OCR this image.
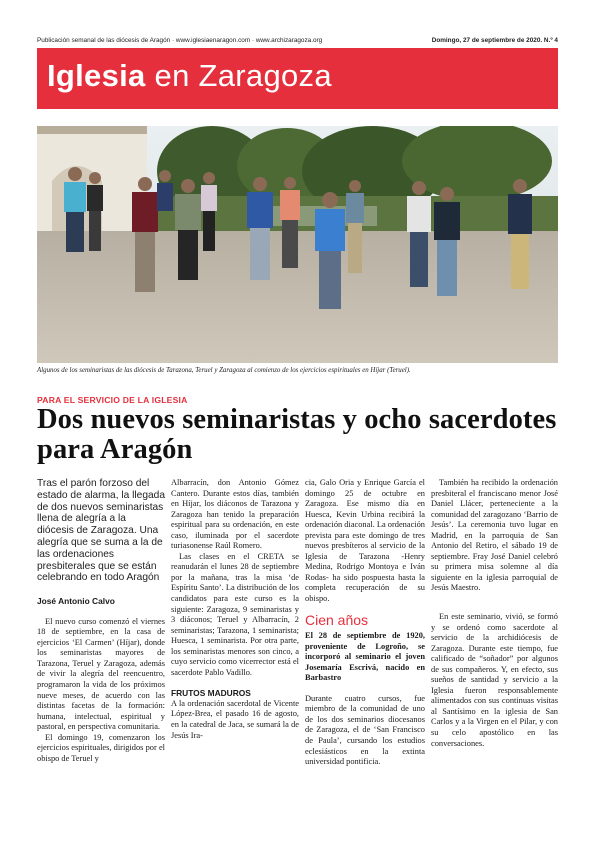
Publicación semanal de las diócesis de Aragón · www.iglesiaenaragon.com · www.archizaragoza.org	Domingo, 27 de septiembre de 2020. N.º 4
Iglesia en Zaragoza
Algunos de los seminaristas de las diócesis de Tarazona, Teruel y Zaragoza al comienzo de los ejercicios espirituales en Híjar (Teruel).
PARA EL SERVICIO DE LA IGLESIA
Dos nuevos seminaristas y ocho sacerdotes para Aragón
Tras el parón forzoso del estado de alarma, la llegada de dos nuevos seminaristas llena de alegría a la diócesis de Zaragoza. Una alegría que se suma a la de las ordenaciones presbiterales que se están celebrando en todo Aragón
José Antonio Calvo

El nuevo curso comenzó el viernes 18 de septiembre, en la casa de ejercicios ‘El Carmen’ (Híjar), donde los seminaristas mayores de Tarazona, Teruel y Zaragoza, además de vivir la alegría del reencuentro, programaron la vida de los próximos nueve meses, de acuerdo con las distintas facetas de la formación: humana, intelectual, espiritual y pastoral, en perspectiva comunitaria.

El domingo 19, comenzaron los ejercicios espirituales, dirigidos por el obispo de Teruel y

Albarracín, don Antonio Gómez Cantero. Durante estos días, también en Híjar, los diáconos de Tarazona y Zaragoza han tenido la preparación espiritual para su ordenación, en este caso, iluminada por el sacerdote turiasonense Raúl Romero.

Las clases en el CRETA se reanudarán el lunes 28 de septiembre por la mañana, tras la misa ‘de Espíritu Santo’. La distribución de los candidatos para este curso es la siguiente: Zaragoza, 9 seminaristas y 3 diáconos; Teruel y Albarracín, 2 seminaristas; Tarazona, 1 seminarista; Huesca, 1 seminarista. Por otra parte, los seminaristas menores son cinco, a cuyo servicio como vicerrector está el sacerdote Pablo Vadillo.

FRUTOS MADUROS

A la ordenación sacerdotal de Vicente López-Brea, el pasado 16 de agosto, en la catedral de Jaca, se sumará la de Jesús Ira-

cia, Galo Oria y Enrique García el domingo 25 de octubre en Zaragoza. Ese mismo día en Huesca, Kevin Urbina recibirá la ordenación diaconal. La ordenación prevista para este domingo de tres nuevos presbíteros al servicio de la Iglesia de Tarazona -Henry Medina, Rodrigo Montoya e Iván Rodas- ha sido pospuesta hasta la completa recuperación de su obispo.

Cien años

El 28 de septiembre de 1920, proveniente de Logroño, se incorporó al seminario el joven Josemaría Escrivá, nacido en Barbastro

Durante cuatro cursos, fue miembro de la comunidad de uno de los dos seminarios diocesanos de Zaragoza, el de ‘San Francisco de Paula’, cursando los estudios eclesiásticos en la extinta universidad pontificia.

También ha recibido la ordenación presbiteral el franciscano menor José Daniel Llácer, perteneciente a la comunidad del zaragozano ‘Barrio de Jesús’. La ceremonia tuvo lugar en Madrid, en la parroquia de San Antonio del Retiro, el sábado 19 de septiembre. Fray José Daniel celebró su primera misa solemne al día siguiente en la iglesia parroquial de Jesús Maestro.

En este seminario, vivió, se formó y se ordenó como sacerdote al servicio de la archidiócesis de Zaragoza. Durante este tiempo, fue calificado de “soñador” por algunos de sus compañeros. Y, en efecto, sus sueños de santidad y servicio a la Iglesia fueron responsablemente alimentados con sus continuas visitas al Santísimo en la iglesia de San Carlos y a la Virgen en el Pilar, y con su celo apostólico en las conversaciones.
